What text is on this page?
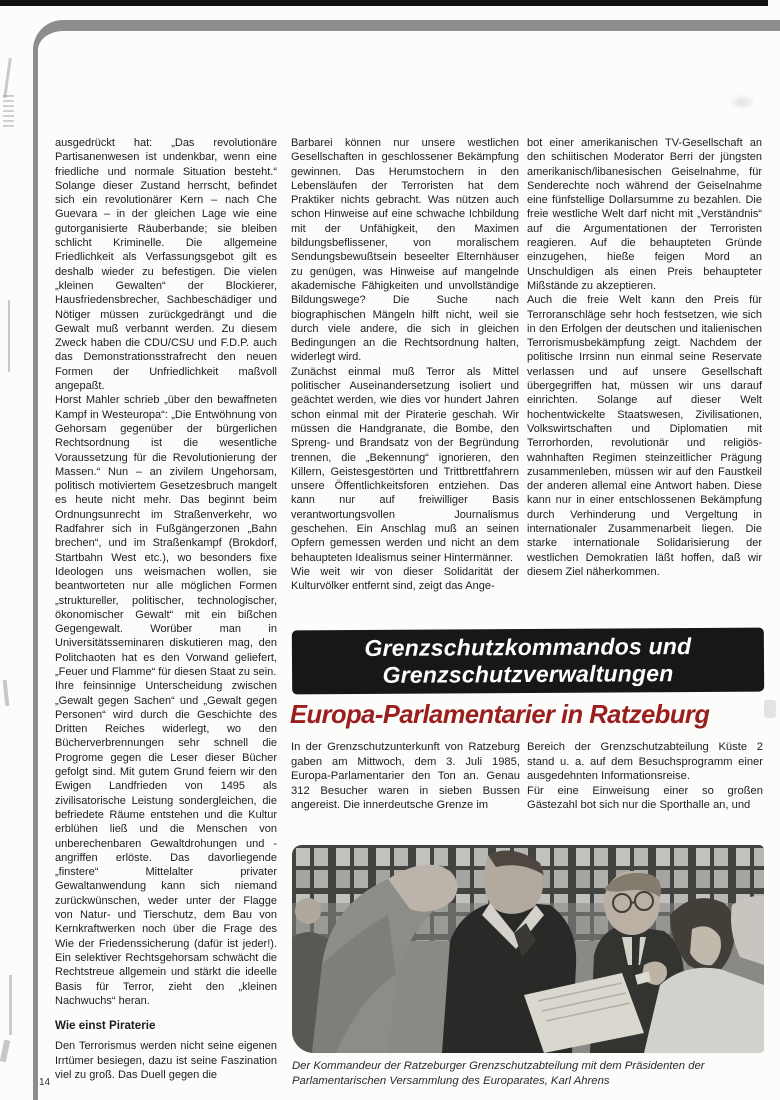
ausgedrückt hat: „Das revolutionäre Partisanenwesen ist undenkbar, wenn eine friedliche und normale Situation besteht.“ Solange dieser Zustand herrscht, befindet sich ein revolutionärer Kern – nach Che Guevara – in der gleichen Lage wie eine gutorganisierte Räuberbande; sie bleiben schlicht Kriminelle. Die allgemeine Friedlichkeit als Verfassungsgebot gilt es deshalb wieder zu befestigen. Die vielen „kleinen Gewalten“ der Blockierer, Hausfriedensbrecher, Sachbeschädiger und Nötiger müssen zurückgedrängt und die Gewalt muß verbannt werden. Zu diesem Zweck haben die CDU/CSU und F.D.P. auch das Demonstrationsstrafrecht den neuen Formen der Unfriedlichkeit maßvoll angepaßt.

Horst Mahler schrieb „über den bewaffneten Kampf in Westeuropa“: „Die Entwöhnung von Gehorsam gegenüber der bürgerlichen Rechtsordnung ist die wesentliche Voraussetzung für die Revolutionierung der Massen.“ Nun – an zivilem Ungehorsam, politisch motiviertem Gesetzesbruch mangelt es heute nicht mehr. Das beginnt beim Ordnungsunrecht im Straßenverkehr, wo Radfahrer sich in Fußgängerzonen „Bahn brechen“, und im Straßenkampf (Brokdorf, Startbahn West etc.), wo besonders fixe Ideologen uns weismachen wollen, sie beantworteten nur alle möglichen Formen „struktureller, politischer, technologischer, ökonomischer Gewalt“ mit ein bißchen Gegengewalt. Worüber man in Universitätsseminaren diskutieren mag, den Politchaoten hat es den Vorwand geliefert, „Feuer und Flamme“ für diesen Staat zu sein.

Ihre feinsinnige Unterscheidung zwischen „Gewalt gegen Sachen“ und „Gewalt gegen Personen“ wird durch die Geschichte des Dritten Reiches widerlegt, wo den Bücherverbrennungen sehr schnell die Progrome gegen die Leser dieser Bücher gefolgt sind. Mit gutem Grund feiern wir den Ewigen Landfrieden von 1495 als zivilisatorische Leistung sondergleichen, die befriedete Räume entstehen und die Kultur erblühen ließ und die Menschen von unberechenbaren Gewaltdrohungen und -angriffen erlöste. Das davorliegende „finstere“ Mittelalter privater Gewaltanwendung kann sich niemand zurückwünschen, weder unter der Flagge von Natur- und Tierschutz, dem Bau von Kernkraftwerken noch über die Frage des Wie der Friedenssicherung (dafür ist jeder!). Ein selektiver Rechtsgehorsam schwächt die Rechtstreue allgemein und stärkt die ideelle Basis für Terror, zieht den „kleinen Nachwuchs“ heran.

Wie einst Piraterie

Den Terrorismus werden nicht seine eigenen Irrtümer besiegen, dazu ist seine Faszination viel zu groß. Das Duell gegen die

Barbarei können nur unsere westlichen Gesellschaften in geschlossener Bekämpfung gewinnen. Das Herumstochern in den Lebensläufen der Terroristen hat dem Praktiker nichts gebracht. Was nützen auch schon Hinweise auf eine schwache Ichbildung mit der Unfähigkeit, den Maximen bildungsbeflissener, von moralischem Sendungsbewußtsein beseelter Elternhäuser zu genügen, was Hinweise auf mangelnde akademische Fähigkeiten und unvollständige Bildungswege? Die Suche nach biographischen Mängeln hilft nicht, weil sie durch viele andere, die sich in gleichen Bedingungen an die Rechtsordnung halten, widerlegt wird.

Zunächst einmal muß Terror als Mittel politischer Auseinandersetzung isoliert und geächtet werden, wie dies vor hundert Jahren schon einmal mit der Piraterie geschah. Wir müssen die Handgranate, die Bombe, den Spreng- und Brandsatz von der Begründung trennen, die „Bekennung“ ignorieren, den Killern, Geistesgestörten und Trittbrettfahrern unsere Öffentlichkeitsforen entziehen. Das kann nur auf freiwilliger Basis verantwortungsvollen Journalismus geschehen. Ein Anschlag muß an seinen Opfern gemessen werden und nicht an dem behaupteten Idealismus seiner Hintermänner.

Wie weit wir von dieser Solidarität der Kulturvölker entfernt sind, zeigt das Ange-

bot einer amerikanischen TV-Gesellschaft an den schiitischen Moderator Berri der jüngsten amerikanisch/libanesischen Geiselnahme, für Senderechte noch während der Geiselnahme eine fünfstellige Dollarsumme zu bezahlen. Die freie westliche Welt darf nicht mit „Verständnis“ auf die Argumentationen der Terroristen reagieren. Auf die behaupteten Gründe einzugehen, hieße feigen Mord an Unschuldigen als einen Preis behaupteter Mißstände zu akzeptieren.

Auch die freie Welt kann den Preis für Terroranschläge sehr hoch festsetzen, wie sich in den Erfolgen der deutschen und italienischen Terrorismusbekämpfung zeigt. Nachdem der politische Irrsinn nun einmal seine Reservate verlassen und auf unsere Gesellschaft übergegriffen hat, müssen wir uns darauf einrichten. Solange auf dieser Welt hochentwickelte Staatswesen, Zivilisationen, Volkswirtschaften und Diplomatien mit Terrorhorden, revolutionär und religiös-wahnhaften Regimen steinzeitlicher Prägung zusammenleben, müssen wir auf den Faustkeil der anderen allemal eine Antwort haben. Diese kann nur in einer entschlossenen Bekämpfung durch Verhinderung und Vergeltung in internationaler Zusammenarbeit liegen. Die starke internationale Solidarisierung der westlichen Demokratien läßt hoffen, daß wir diesem Ziel näherkommen.

Grenzschutzkommandos und
Grenzschutzverwaltungen
Europa-Parlamentarier in Ratzeburg

In der Grenzschutzunterkunft von Ratzeburg gaben am Mittwoch, dem 3. Juli 1985, Europa-Parlamentarier den Ton an. Genau 312 Besucher waren in sieben Bussen angereist. Die innerdeutsche Grenze im

Bereich der Grenzschutzabteilung Küste 2 stand u. a. auf dem Besuchsprogramm einer ausgedehnten Informationsreise.

Für eine Einweisung einer so großen Gästezahl bot sich nur die Sporthalle an, und

Der Kommandeur der Ratzeburger Grenzschutzabteilung mit dem Präsidenten der Parlamentarischen Versammlung des Europarates, Karl Ahrens
14
